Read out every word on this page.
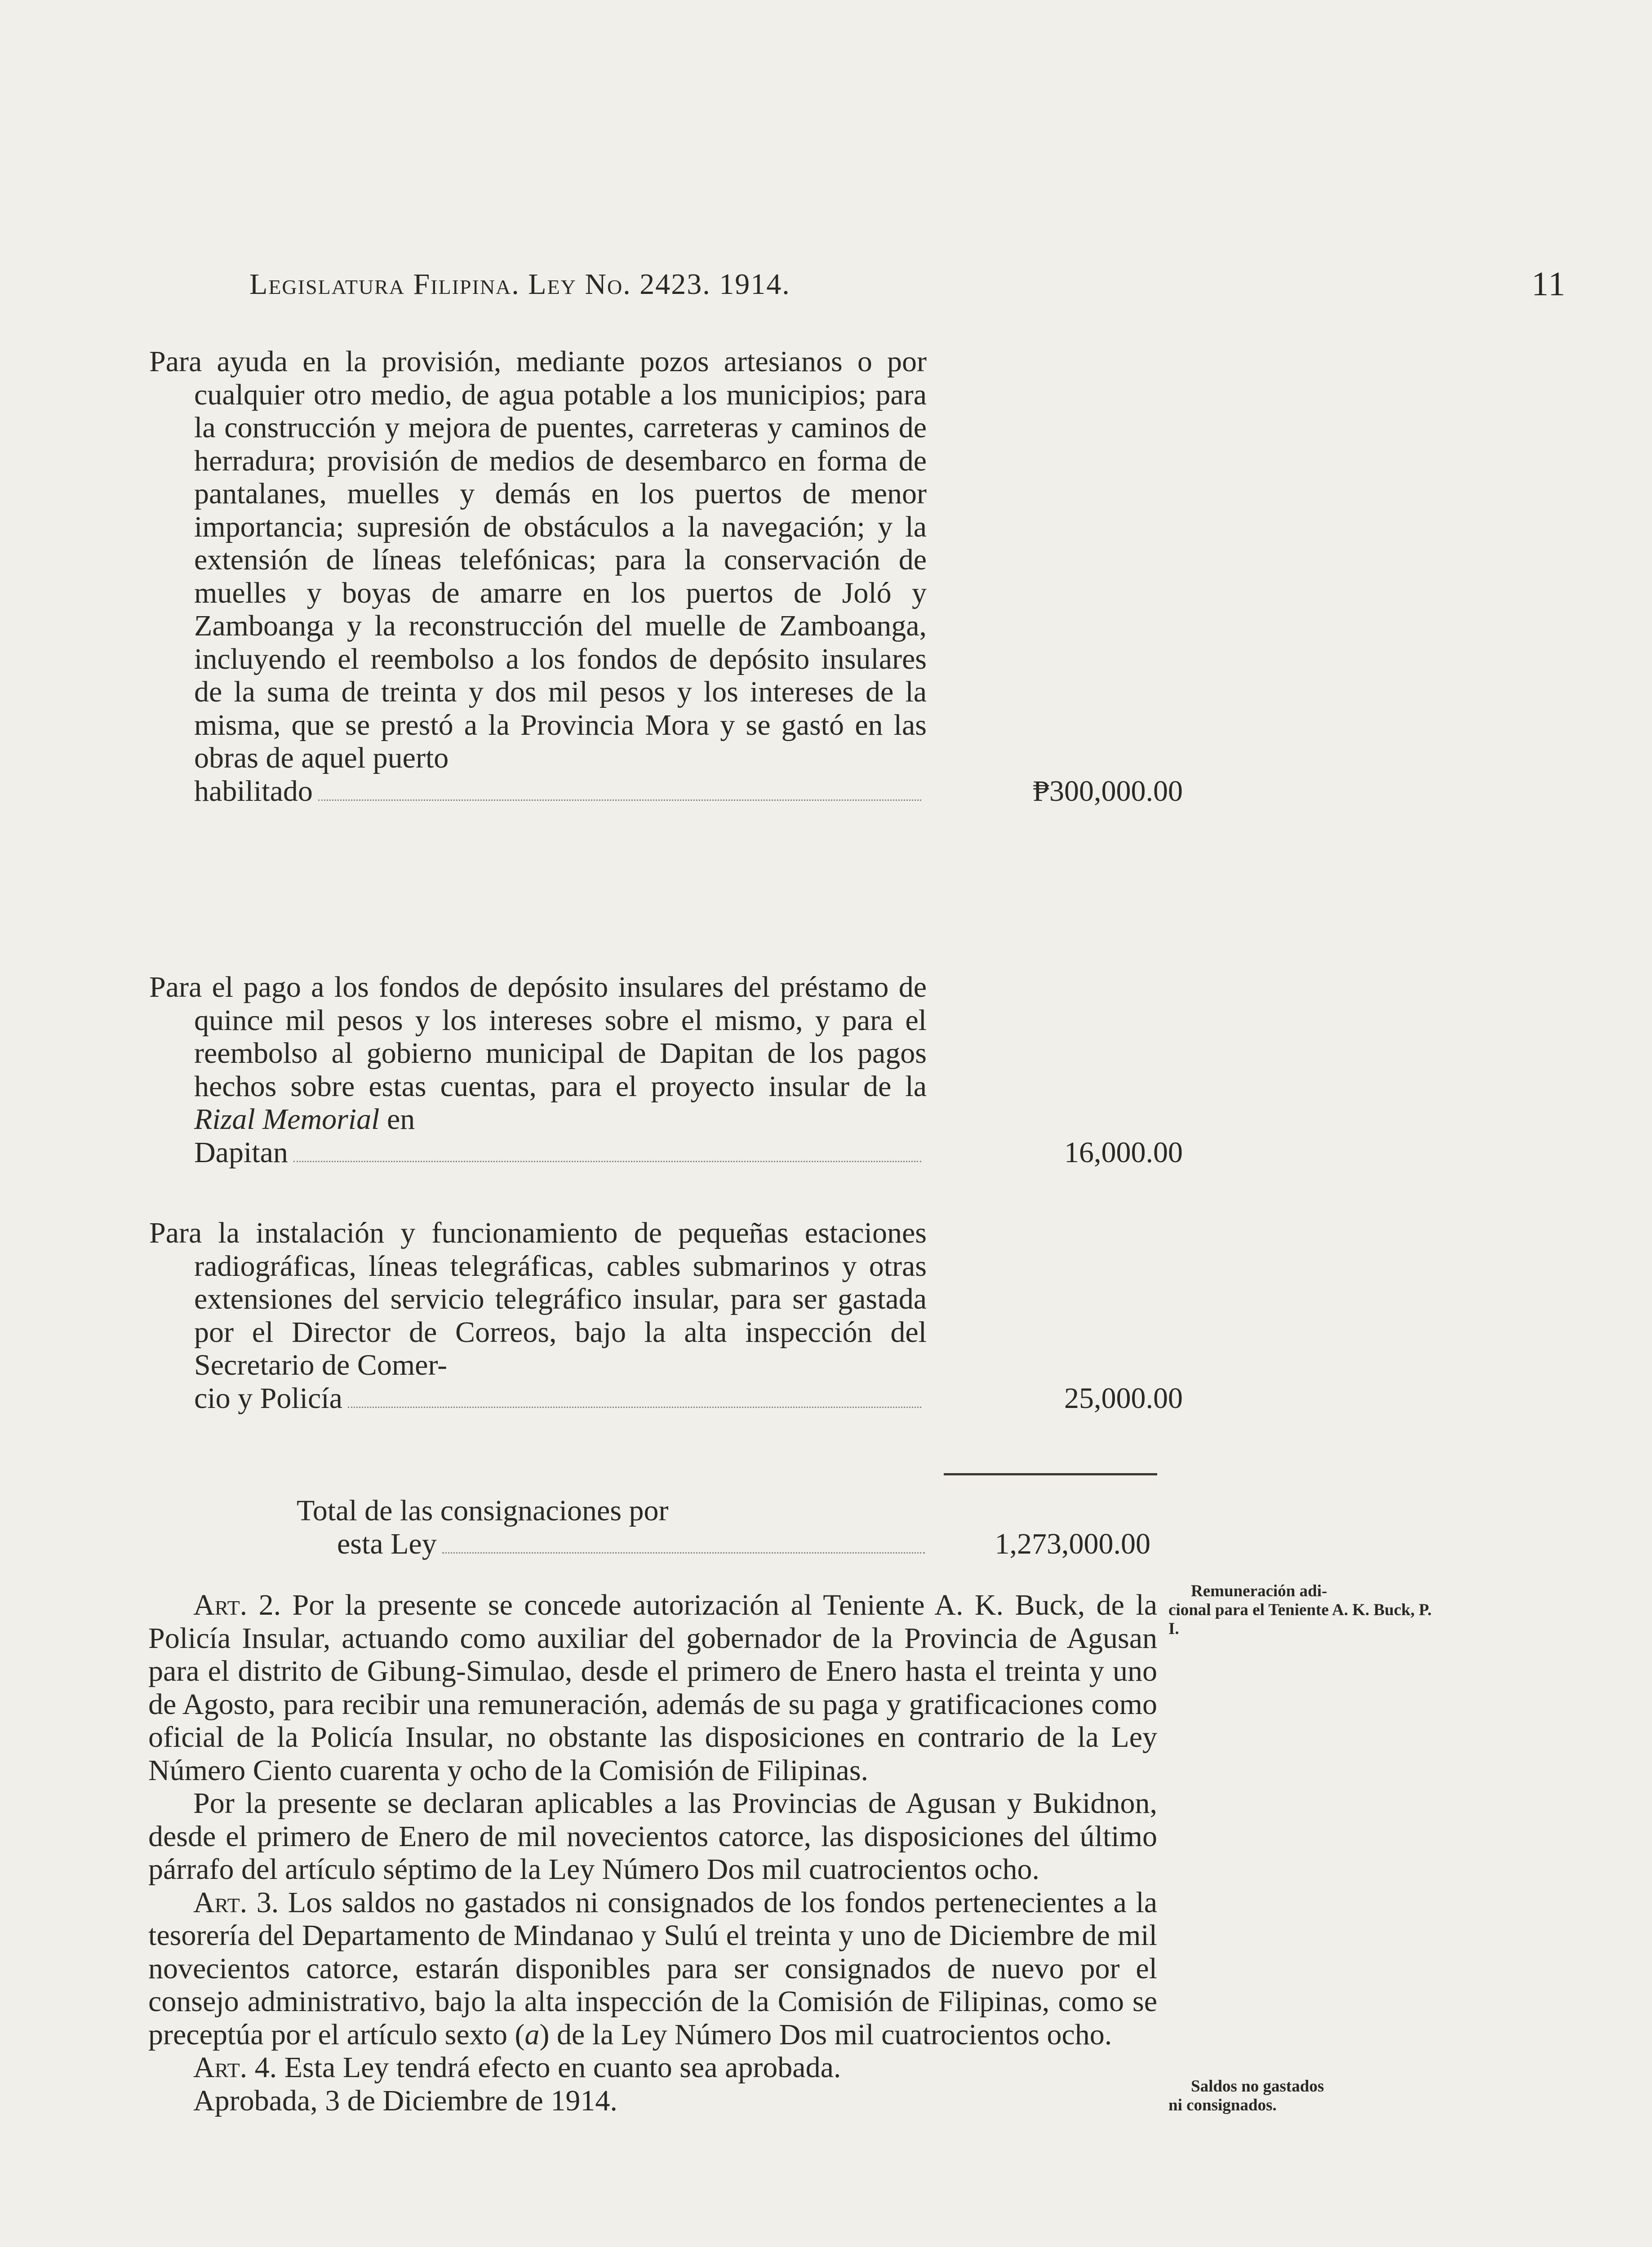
Legislatura Filipina. Ley No. 2423. 1914.	11
Para ayuda en la provisión, mediante pozos artesianos o por cualquier otro medio, de agua potable a los municipios; para la construcción y mejora de puentes, carreteras y caminos de herradura; provisión de medios de desembarco en forma de pantalanes, muelles y demás en los puertos de menor importancia; supresión de obstáculos a la navegación; y la extensión de líneas telefónicas; para la conservación de muelles y boyas de amarre en los puertos de Joló y Zamboanga y la reconstrucción del muelle de Zamboanga, incluyendo el reembolso a los fondos de depósito insulares de la suma de treinta y dos mil pesos y los intereses de la misma, que se prestó a la Provincia Mora y se gastó en las obras de aquel puerto
habilitado	₱300,000.00
Para el pago a los fondos de depósito insulares del préstamo de quince mil pesos y los intereses sobre el mismo, y para el reembolso al gobierno municipal de Dapitan de los pagos hechos sobre estas cuentas, para el proyecto insular de la Rizal Memorial en
Dapitan	16,000.00
Para la instalación y funcionamiento de pequeñas estaciones radiográficas, líneas telegráficas, cables submarinos y otras extensiones del servicio telegráfico insular, para ser gastada por el Director de Correos, bajo la alta inspección del Secretario de Comer-
cio y Policía	25,000.00
Total de las consignaciones por
esta Ley	1,273,000.00

Art. 2. Por la presente se concede autorización al Teniente A. K. Buck, de la Policía Insular, actuando como auxiliar del gobernador de la Provincia de Agusan para el distrito de Gibung-Simulao, desde el primero de Enero hasta el treinta y uno de Agosto, para recibir una remuneración, además de su paga y gratificaciones como oficial de la Policía Insular, no obstante las disposiciones en contrario de la Ley Número Ciento cuarenta y ocho de la Comisión de Filipinas.

Por la presente se declaran aplicables a las Provincias de Agusan y Bukidnon, desde el primero de Enero de mil novecientos catorce, las disposiciones del último párrafo del artículo séptimo de la Ley Número Dos mil cuatrocientos ocho.

Art. 3. Los saldos no gastados ni consignados de los fondos pertenecientes a la tesorería del Departamento de Mindanao y Sulú el treinta y uno de Diciembre de mil novecientos catorce, estarán disponibles para ser consignados de nuevo por el consejo administrativo, bajo la alta inspección de la Comisión de Filipinas, como se preceptúa por el artículo sexto (a) de la Ley Número Dos mil cuatrocientos ocho.

Art. 4. Esta Ley tendrá efecto en cuanto sea aprobada.

Aprobada, 3 de Diciembre de 1914.

Remuneración adi-
cional para el Teniente A. K. Buck, P. I.
Saldos no gastados
ni consignados.
